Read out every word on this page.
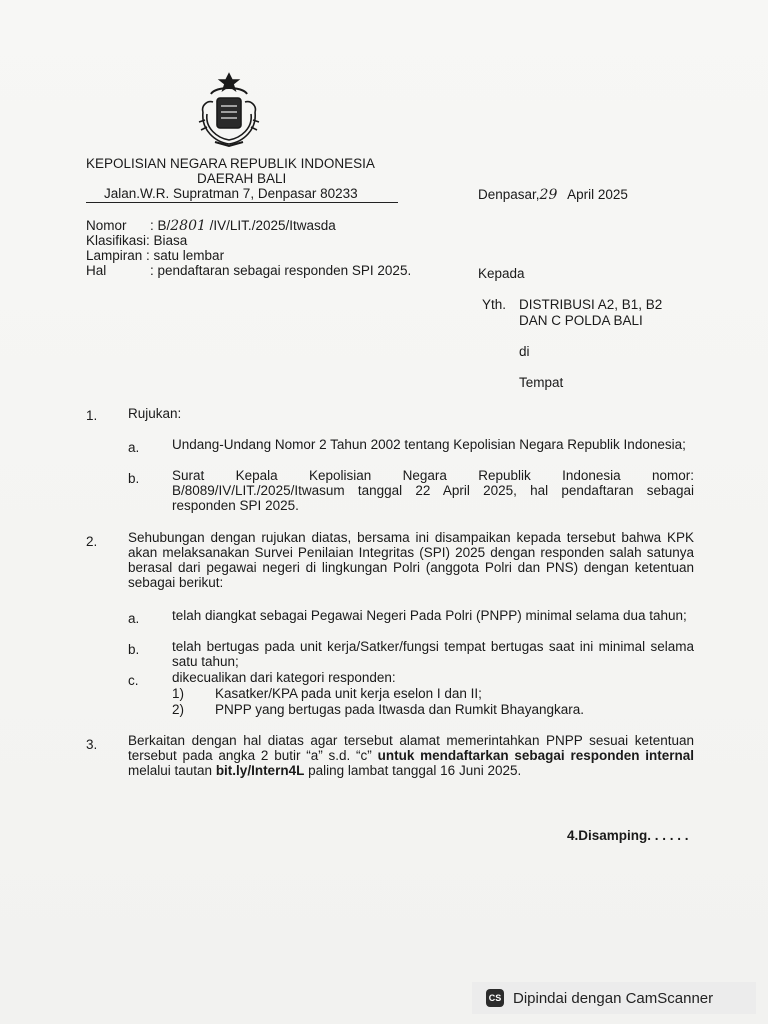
KEPOLISIAN NEGARA REPUBLIK INDONESIA
DAERAH BALI
Jalan.W.R. Supratman 7, Denpasar 80233	Denpasar,29 April 2025
Nomor : B/2801 /IV/LIT./2025/Itwasda
Klasifikasi: Biasa
Lampiran : satu lembar
Hal	: pendaftaran sebagai responden SPI 2025.	Kepada
Yth. DISTRIBUSI A2, B1, B2
DAN C POLDA BALI
di
Tempat
1. Rujukan:
a. Undang-Undang Nomor 2 Tahun 2002 tentang Kepolisian Negara Republik Indonesia;

b. Surat Kepala Kepolisian Negara Republik Indonesia nomor: B/8089/IV/LIT./2025/Itwasum tanggal 22 April 2025, hal pendaftaran sebagai responden SPI 2025.

2. Sehubungan dengan rujukan diatas, bersama ini disampaikan kepada tersebut bahwa KPK akan melaksanakan Survei Penilaian Integritas (SPI) 2025 dengan responden salah satunya berasal dari pegawai negeri di lingkungan Polri (anggota Polri dan PNS) dengan ketentuan sebagai berikut:

a. telah diangkat sebagai Pegawai Negeri Pada Polri (PNPP) minimal selama dua tahun;

b. telah bertugas pada unit kerja/Satker/fungsi tempat bertugas saat ini minimal selama satu tahun;

c. dikecualikan dari kategori responden:
1) Kasatker/KPA pada unit kerja eselon I dan II;
2) PNPP yang bertugas pada Itwasda dan Rumkit Bhayangkara.
3. Berkaitan dengan hal diatas agar tersebut alamat memerintahkan PNPP sesuai ketentuan tersebut pada angka 2 butir “a” s.d. “c” untuk mendaftarkan sebagai responden internal melalui tautan bit.ly/Intern4L paling lambat tanggal 16 Juni 2025.

4.Disamping. . . . . .
CS Dipindai dengan CamScanner
